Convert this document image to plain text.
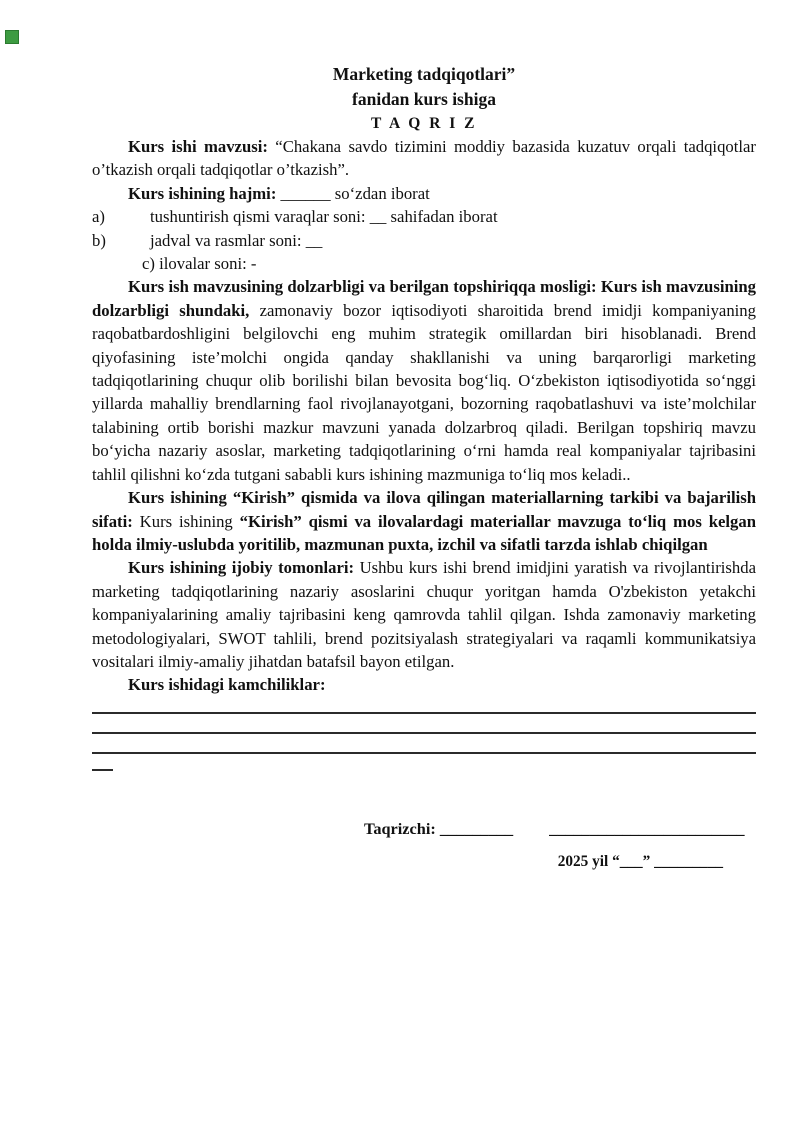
Marketing tadqiqotlari”
fanidan kurs ishiga
T A Q R I Z

Kurs ishi mavzusi: “Chakana savdo tizimini moddiy bazasida kuzatuv orqali tadqiqotlar o’tkazish orqali tadqiqotlar o’tkazish”.

Kurs ishining hajmi: ______ so‘zdan iborat

a)	tushuntirish qismi varaqlar soni: __ sahifadan iborat
b)	jadval va rasmlar soni: __
c) ilovalar soni: -

Kurs ish mavzusining dolzarbligi va berilgan topshiriqqa mosligi: Kurs ish mavzusining dolzarbligi shundaki, zamonaviy bozor iqtisodiyoti sharoitida brend imidji kompaniyaning raqobatbardoshligini belgilovchi eng muhim strategik omillardan biri hisoblanadi. Brend qiyofasining iste’molchi ongida qanday shakllanishi va uning barqarorligi marketing tadqiqotlarining chuqur olib borilishi bilan bevosita bog‘liq. O‘zbekiston iqtisodiyotida so‘nggi yillarda mahalliy brendlarning faol rivojlanayotgani, bozorning raqobatlashuvi va iste’molchilar talabining ortib borishi mazkur mavzuni yanada dolzarbroq qiladi. Berilgan topshiriq mavzu bo‘yicha nazariy asoslar, marketing tadqiqotlarining o‘rni hamda real kompaniyalar tajribasini tahlil qilishni ko‘zda tutgani sababli kurs ishining mazmuniga to‘liq mos keladi..

Kurs ishining “Kirish” qismida va ilova qilingan materiallarning tarkibi va bajarilish sifati: Kurs ishining “Kirish” qismi va ilovalardagi materiallar mavzuga to‘liq mos kelgan holda ilmiy-uslubda yoritilib, mazmunan puxta, izchil va sifatli tarzda ishlab chiqilgan

Kurs ishining ijobiy tomonlari: Ushbu kurs ishi brend imidjini yaratish va rivojlantirishda marketing tadqiqotlarining nazariy asoslarini chuqur yoritgan hamda O'zbekiston yetakchi kompaniyalarining amaliy tajribasini keng qamrovda tahlil qilgan. Ishda zamonaviy marketing metodologiyalari, SWOT tahlili, brend pozitsiyalash strategiyalari va raqamli kommunikatsiya vositalari ilmiy-amaliy jihatdan batafsil bayon etilgan.

Kurs ishidagi kamchiliklar:

Taqrizchi: _________ ________________________
2025 yil “___” _________
